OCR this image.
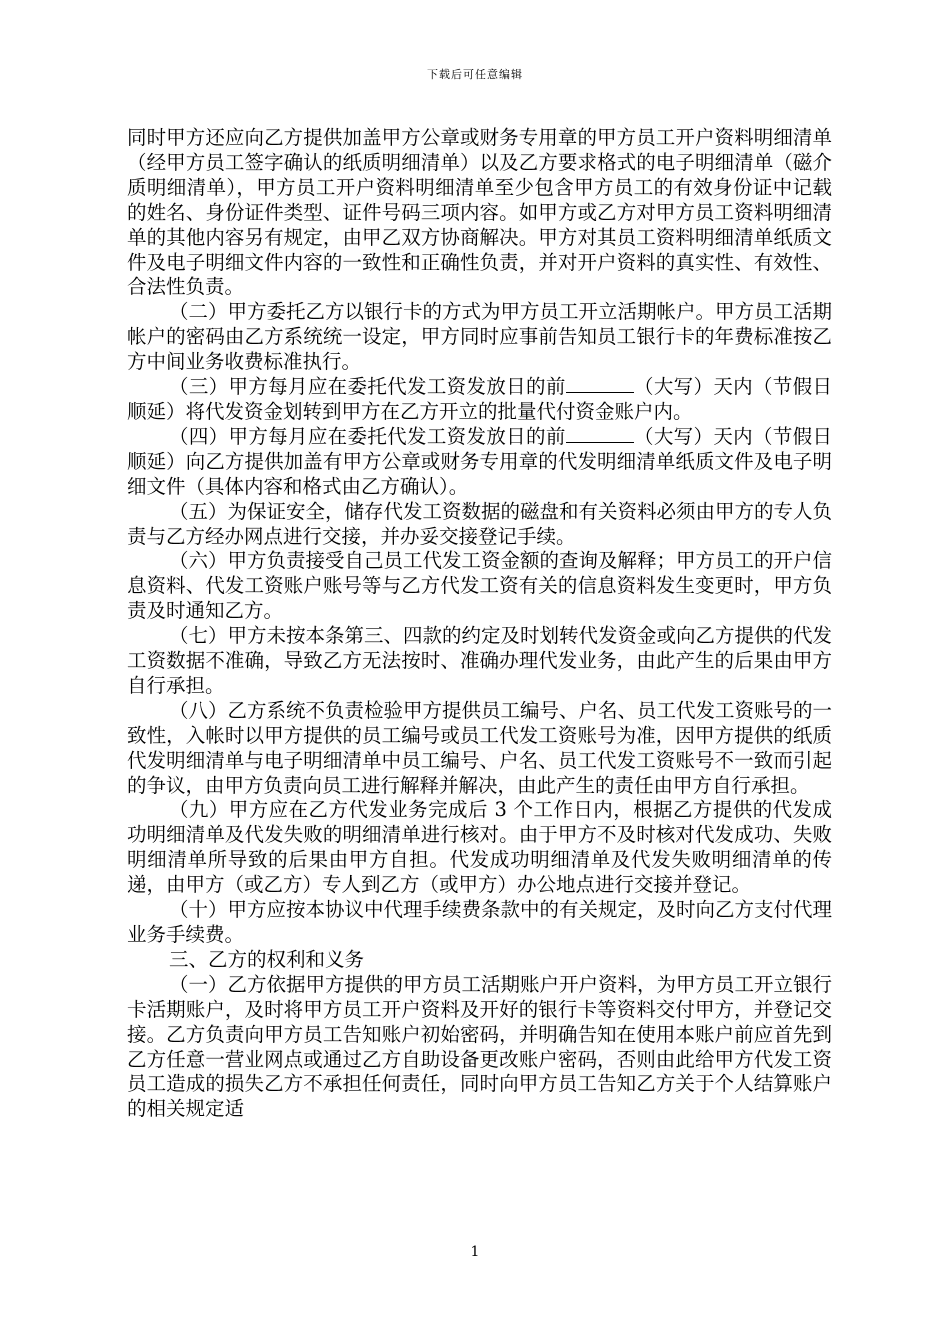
下载后可任意编辑

同时甲方还应向乙方提供加盖甲方公章或财务专用章的甲方员工开户资料明细清单（经甲方员工签字确认的纸质明细清单）以及乙方要求格式的电子明细清单（磁介质明细清单），甲方员工开户资料明细清单至少包含甲方员工的有效身份证中记载的姓名、身份证件类型、证件号码三项内容。如甲方或乙方对甲方员工资料明细清单的其他内容另有规定，由甲乙双方协商解决。甲方对其员工资料明细清单纸质文件及电子明细文件内容的一致性和正确性负责，并对开户资料的真实性、有效性、合法性负责。

（二）甲方委托乙方以银行卡的方式为甲方员工开立活期帐户。甲方员工活期帐户的密码由乙方系统统一设定，甲方同时应事前告知员工银行卡的年费标准按乙方中间业务收费标准执行。

（三）甲方每月应在委托代发工资发放日的前	（大写）天内（节假日顺延）将代发资金划转到甲方在乙方开立的批量代付资金账户内。

（四）甲方每月应在委托代发工资发放日的前	（大写）天内（节假日顺延）向乙方提供加盖有甲方公章或财务专用章的代发明细清单纸质文件及电子明细文件（具体内容和格式由乙方确认）。

（五）为保证安全，储存代发工资数据的磁盘和有关资料必须由甲方的专人负责与乙方经办网点进行交接，并办妥交接登记手续。

（六）甲方负责接受自己员工代发工资金额的查询及解释；甲方员工的开户信息资料、代发工资账户账号等与乙方代发工资有关的信息资料发生变更时，甲方负责及时通知乙方。

（七）甲方未按本条第三、四款的约定及时划转代发资金或向乙方提供的代发工资数据不准确，导致乙方无法按时、准确办理代发业务，由此产生的后果由甲方自行承担。

（八）乙方系统不负责检验甲方提供员工编号、户名、员工代发工资账号的一致性，入帐时以甲方提供的员工编号或员工代发工资账号为准，因甲方提供的纸质代发明细清单与电子明细清单中员工编号、户名、员工代发工资账号不一致而引起的争议，由甲方负责向员工进行解释并解决，由此产生的责任由甲方自行承担。

（九）甲方应在乙方代发业务完成后 3 个工作日内，根据乙方提供的代发成功明细清单及代发失败的明细清单进行核对。由于甲方不及时核对代发成功、失败明细清单所导致的后果由甲方自担。代发成功明细清单及代发失败明细清单的传递，由甲方（或乙方）专人到乙方（或甲方）办公地点进行交接并登记。

（十）甲方应按本协议中代理手续费条款中的有关规定，及时向乙方支付代理业务手续费。

三、乙方的权利和义务

（一）乙方依据甲方提供的甲方员工活期账户开户资料，为甲方员工开立银行卡活期账户，及时将甲方员工开户资料及开好的银行卡等资料交付甲方，并登记交接。乙方负责向甲方员工告知账户初始密码，并明确告知在使用本账户前应首先到乙方任意一营业网点或通过乙方自助设备更改账户密码，否则由此给甲方代发工资员工造成的损失乙方不承担任何责任，同时向甲方员工告知乙方关于个人结算账户的相关规定适

1
